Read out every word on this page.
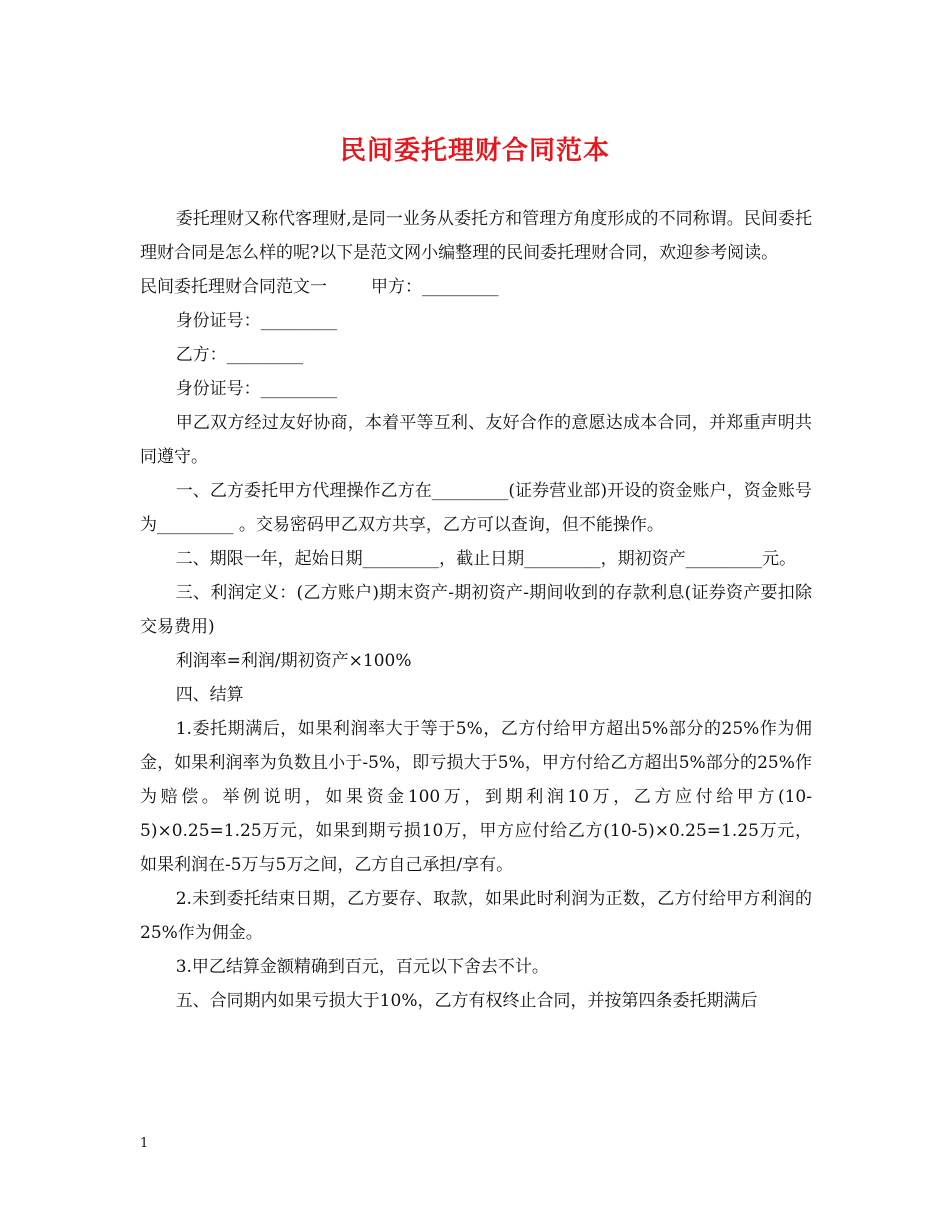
民间委托理财合同范本

委托理财又称代客理财,是同一业务从委托方和管理方角度形成的不同称谓。民间委托理财合同是怎么样的呢?以下是范文网小编整理的民间委托理财合同，欢迎参考阅读。

民间委托理财合同范文一	甲方：_________

身份证号：_________

乙方：_________

身份证号：_________

甲乙双方经过友好协商，本着平等互利、友好合作的意愿达成本合同，并郑重声明共同遵守。

一、乙方委托甲方代理操作乙方在_________(证券营业部)开设的资金账户，资金账号为_________ 。交易密码甲乙双方共享，乙方可以查询，但不能操作。

二、期限一年，起始日期_________，截止日期_________，期初资产_________元。

三、利润定义：(乙方账户)期末资产-期初资产-期间收到的存款利息(证券资产要扣除交易费用)

利润率=利润/期初资产×100%

四、结算

1.委托期满后，如果利润率大于等于5%，乙方付给甲方超出5%部分的25%作为佣金，如果利润率为负数且小于-5%，即亏损大于5%，甲方付给乙方超出5%部分的25%作为赔偿。举例说明，如果资金100万，到期利润10万，乙方应付给甲方(10-5)×0.25=1.25万元，如果到期亏损10万，甲方应付给乙方(10-5)×0.25=1.25万元，如果利润在-5万与5万之间，乙方自己承担/享有。

2.未到委托结束日期，乙方要存、取款，如果此时利润为正数，乙方付给甲方利润的25%作为佣金。

3.甲乙结算金额精确到百元，百元以下舍去不计。

五、合同期内如果亏损大于10%，乙方有权终止合同，并按第四条委托期满后

1
